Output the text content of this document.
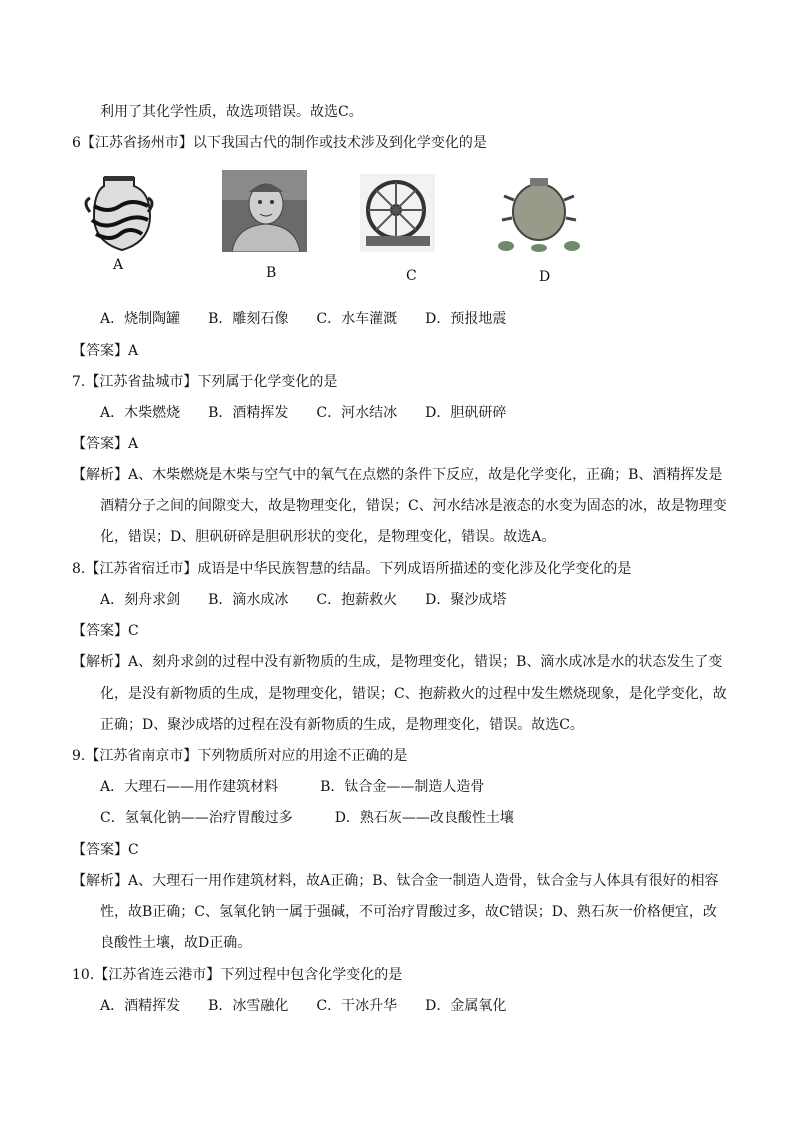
利用了其化学性质，故选项错误。故选C。
6【江苏省扬州市】以下我国古代的制作或技术涉及到化学变化的是
A	B	C	D
A．烧制陶罐　　B．雕刻石像　　C．水车灌溉　　D．预报地震
【答案】A
7.【江苏省盐城市】下列属于化学变化的是
A．木柴燃烧　　B．酒精挥发　　C．河水结冰　　D．胆矾研碎
【答案】A
【解析】A、木柴燃烧是木柴与空气中的氧气在点燃的条件下反应，故是化学变化，正确；B、酒精挥发是
酒精分子之间的间隙变大，故是物理变化，错误；C、河水结冰是液态的水变为固态的冰，故是物理变
化，错误；D、胆矾研碎是胆矾形状的变化，是物理变化，错误。故选A。
8.【江苏省宿迁市】成语是中华民族智慧的结晶。下列成语所描述的变化涉及化学变化的是
A．刻舟求剑　　B．滴水成冰　　C．抱薪救火　　D．聚沙成塔
【答案】C
【解析】A、刻舟求剑的过程中没有新物质的生成，是物理变化，错误；B、滴水成冰是水的状态发生了变
化，是没有新物质的生成，是物理变化，错误；C、抱薪救火的过程中发生燃烧现象，是化学变化，故
正确；D、聚沙成塔的过程在没有新物质的生成，是物理变化，错误。故选C。
9.【江苏省南京市】下列物质所对应的用途不正确的是
A．大理石——用作建筑材料　　　B．钛合金——制造人造骨
C．氢氧化钠——治疗胃酸过多　　　D．熟石灰——改良酸性土壤
【答案】C
【解析】A、大理石一用作建筑材料，故A正确；B、钛合金一制造人造骨，钛合金与人体具有很好的相容
性，故B正确；C、氢氧化钠一属于强碱，不可治疗胃酸过多，故C错误；D、熟石灰一价格便宜，改
良酸性土壤，故D正确。
10.【江苏省连云港市】下列过程中包含化学变化的是
A．酒精挥发　　B．冰雪融化　　C．干冰升华　　D．金属氧化
